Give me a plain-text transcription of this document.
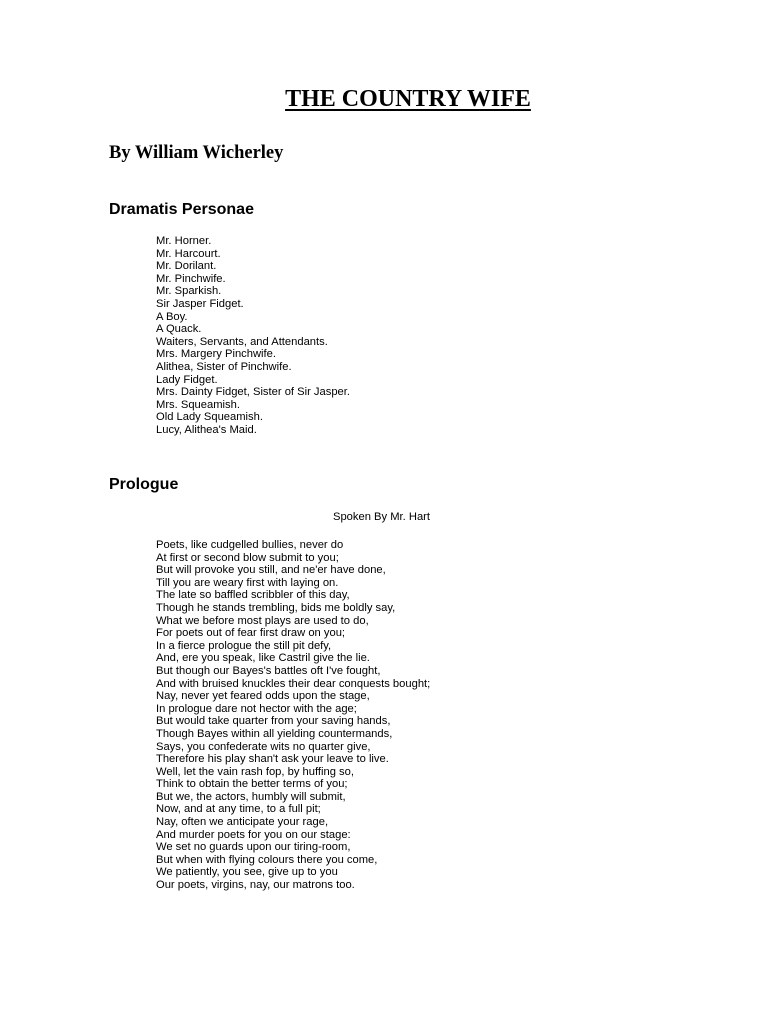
THE COUNTRY WIFE
By William Wicherley
Dramatis Personae
Mr. Horner.
Mr. Harcourt.
Mr. Dorilant.
Mr. Pinchwife.
Mr. Sparkish.
Sir Jasper Fidget.
A Boy.
A Quack.
Waiters, Servants, and Attendants.
Mrs. Margery Pinchwife.
Alithea, Sister of Pinchwife.
Lady Fidget.
Mrs. Dainty Fidget, Sister of Sir Jasper.
Mrs. Squeamish.
Old Lady Squeamish.
Lucy, Alithea's Maid.
Prologue

Spoken By Mr. Hart

Poets, like cudgelled bullies, never do
At first or second blow submit to you;
But will provoke you still, and ne'er have done,
Till you are weary first with laying on.
The late so baffled scribbler of this day,
Though he stands trembling, bids me boldly say,
What we before most plays are used to do,
For poets out of fear first draw on you;
In a fierce prologue the still pit defy,
And, ere you speak, like Castril give the lie.
But though our Bayes's battles oft I've fought,
And with bruised knuckles their dear conquests bought;
Nay, never yet feared odds upon the stage,
In prologue dare not hector with the age;
But would take quarter from your saving hands,
Though Bayes within all yielding countermands,
Says, you confederate wits no quarter give,
Therefore his play shan't ask your leave to live.
Well, let the vain rash fop, by huffing so,
Think to obtain the better terms of you;
But we, the actors, humbly will submit,
Now, and at any time, to a full pit;
Nay, often we anticipate your rage,
And murder poets for you on our stage:
We set no guards upon our tiring-room,
But when with flying colours there you come,
We patiently, you see, give up to you
Our poets, virgins, nay, our matrons too.
